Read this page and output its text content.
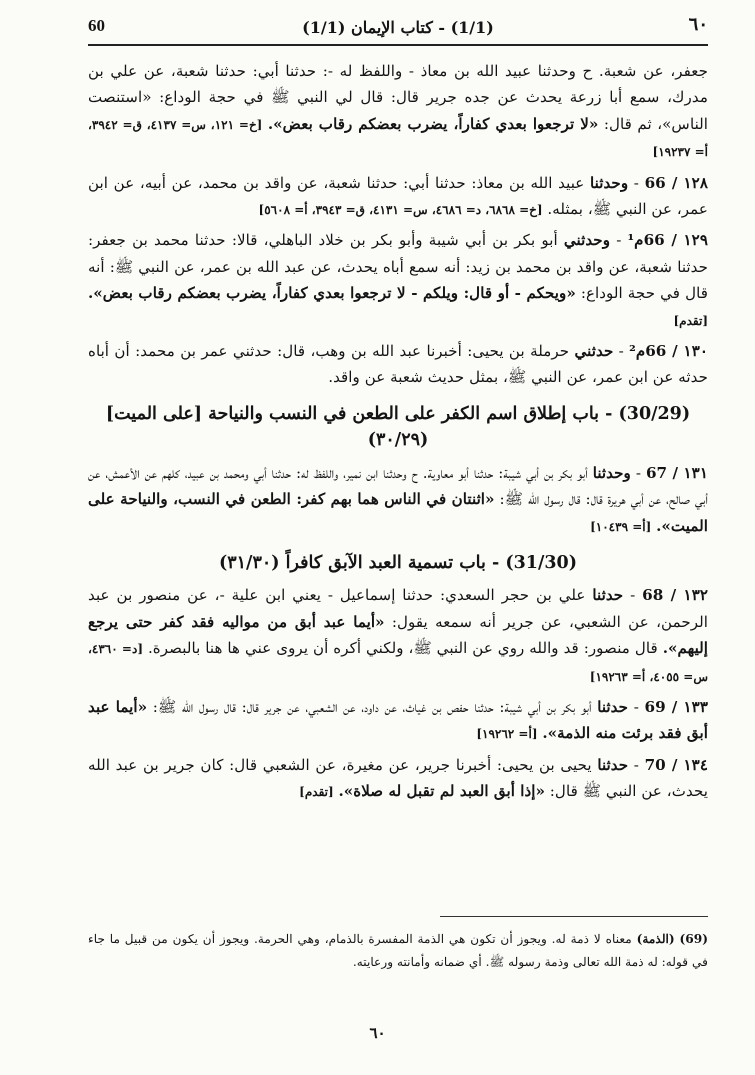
60	(1/1) - كتاب الإيمان (1/1)	٦٠

جعفر، عن شعبة. ح وحدثنا عبيد الله بن معاذ - واللفظ له -: حدثنا أبي: حدثنا شعبة، عن علي بن مدرك، سمع أبا زرعة يحدث عن جده جرير قال: قال لي النبي ﷺ في حجة الوداع: «استنصت الناس»، ثم قال: «لا ترجعوا بعدي كفاراً، يضرب بعضكم رقاب بعض». [خ= ١٢١، س= ٤١٣٧، ق= ٣٩٤٢، أ= ١٩٢٣٧]

١٢٨ / 66 - وحدثنا عبيد الله بن معاذ: حدثنا أبي: حدثنا شعبة، عن واقد بن محمد، عن أبيه، عن ابن عمر، عن النبي ﷺ، بمثله. [خ= ٦٨٦٨، د= ٤٦٨٦، س= ٤١٣١، ق= ٣٩٤٣، أ= ٥٦٠٨]

١٢٩ / 66م¹ - وحدثني أبو بكر بن أبي شيبة وأبو بكر بن خلاد الباهلي، قالا: حدثنا محمد بن جعفر: حدثنا شعبة، عن واقد بن محمد بن زيد: أنه سمع أباه يحدث، عن عبد الله بن عمر، عن النبي ﷺ: أنه قال في حجة الوداع: «ويحكم - أو قال: ويلكم - لا ترجعوا بعدي كفاراً، يضرب بعضكم رقاب بعض». [تقدم]

١٣٠ / 66م² - حدثني حرملة بن يحيى: أخبرنا عبد الله بن وهب، قال: حدثني عمر بن محمد: أن أباه حدثه عن ابن عمر، عن النبي ﷺ، بمثل حديث شعبة عن واقد.

(30/29) - باب إطلاق اسم الكفر على الطعن في النسب والنياحة [على الميت] (٣٠/٢٩)

١٣١ / 67 - وحدثنا أبو بكر بن أبي شيبة: حدثنا أبو معاوية. ح وحدثنا ابن نمير، واللفظ له: حدثنا أبي ومحمد بن عبيد، كلهم عن الأعمش، عن أبي صالح، عن أبي هريرة قال: قال رسول الله ﷺ: «اثنتان في الناس هما بهم كفر: الطعن في النسب، والنياحة على الميت». [أ= ١٠٤٣٩]

(31/30) - باب تسمية العبد الآبق كافراً (٣١/٣٠)

١٣٢ / 68 - حدثنا علي بن حجر السعدي: حدثنا إسماعيل - يعني ابن علية -، عن منصور بن عبد الرحمن، عن الشعبي، عن جرير أنه سمعه يقول: «أيما عبد أبق من مواليه فقد كفر حتى يرجع إليهم». قال منصور: قد والله روي عن النبي ﷺ، ولكني أكره أن يروى عني ها هنا بالبصرة. [د= ٤٣٦٠، س= ٤٠٥٥، أ= ١٩٢٦٣]

١٣٣ / 69 - حدثنا أبو بكر بن أبي شيبة: حدثنا حفص بن غياث، عن داود، عن الشعبي، عن جرير قال: قال رسول الله ﷺ: «أيما عبد أبق فقد برئت منه الذمة». [أ= ١٩٢٦٢]

١٣٤ / 70 - حدثنا يحيى بن يحيى: أخبرنا جرير، عن مغيرة، عن الشعبي قال: كان جرير بن عبد الله يحدث، عن النبي ﷺ قال: «إذا أبق العبد لم تقبل له صلاة». [تقدم]

(69) (الذمة) معناه لا ذمة له. ويجوز أن تكون هي الذمة المفسرة بالذمام، وهي الحرمة. ويجوز أن يكون من قبيل ما جاء في قوله: له ذمة الله تعالى وذمة رسوله ﷺ. أي ضمانه وأمانته ورعايته.
٦٠
